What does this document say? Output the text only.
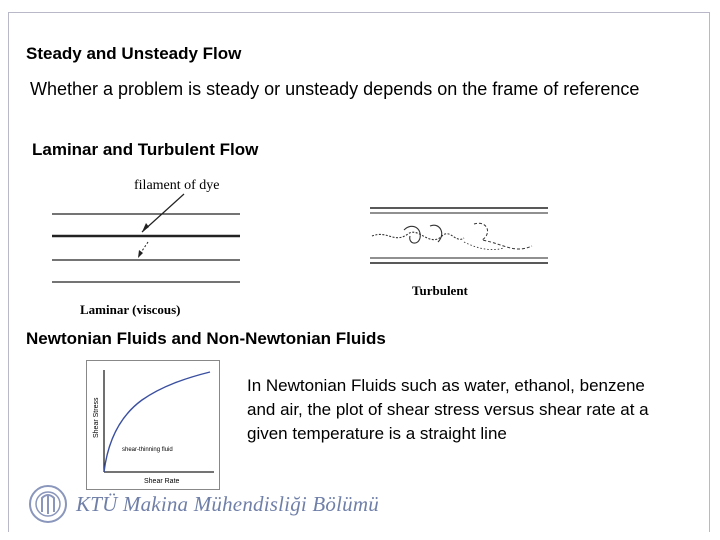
Steady and Unsteady Flow

Whether a problem is steady or unsteady depends on the frame of reference

Laminar and Turbulent Flow
filament of dye
Laminar (viscous)
Turbulent
Newtonian Fluids and Non-Newtonian Fluids
Shear Stress
Shear Rate
shear-thinning fluid

In Newtonian Fluids such as water, ethanol, benzene and air, the plot of shear stress versus shear rate at a given temperature is a straight line

KTÜ Makina Mühendisliği Bölümü
